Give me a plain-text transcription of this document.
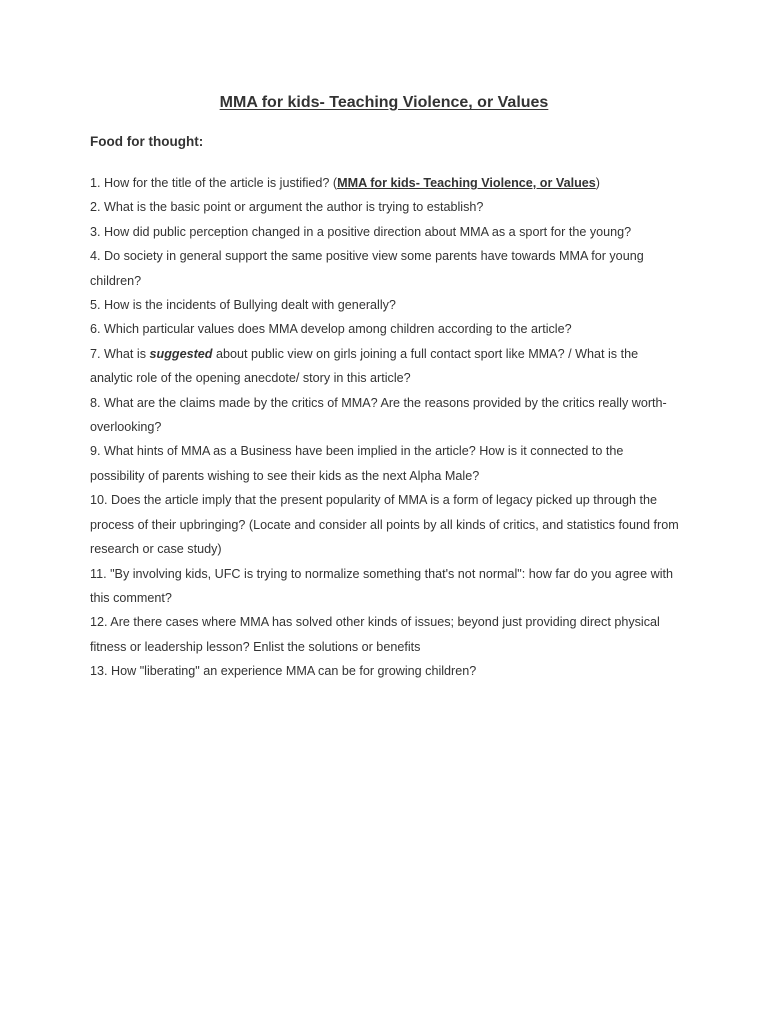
MMA for kids- Teaching Violence, or Values

Food for thought:

1. How for the title of the article is justified? (MMA for kids- Teaching Violence, or Values)
2. What is the basic point or argument the author is trying to establish?
3. How did public perception changed in a positive direction about MMA as a sport for the young?
4. Do society in general support the same positive view some parents have towards MMA for young children?
5. How is the incidents of Bullying dealt with generally?
6. Which particular values does MMA develop among children according to the article?
7. What is suggested about public view on girls joining a full contact sport like MMA? / What is the analytic role of the opening anecdote/ story in this article?
8. What are the claims made by the critics of MMA? Are the reasons provided by the critics really worth-overlooking?
9. What hints of MMA as a Business have been implied in the article? How is it connected to the possibility of parents wishing to see their kids as the next Alpha Male?
10. Does the article imply that the present popularity of MMA is a form of legacy picked up through the process of their upbringing? (Locate and consider all points by all kinds of critics, and statistics found from research or case study)
11. "By involving kids, UFC is trying to normalize something that's not normal": how far do you agree with this comment?
12. Are there cases where MMA has solved other kinds of issues; beyond just providing direct physical fitness or leadership lesson? Enlist the solutions or benefits
13. How "liberating" an experience MMA can be for growing children?
